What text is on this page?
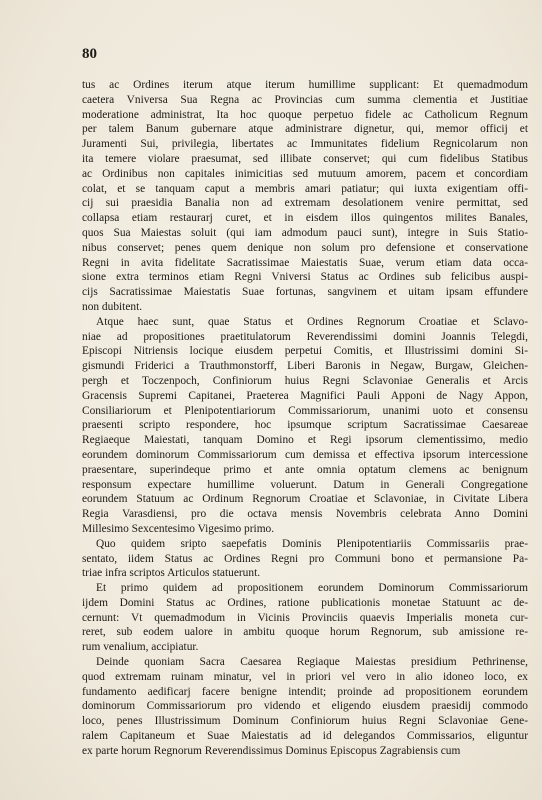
80

tus ac Ordines iterum atque iterum humillime supplicant: Et quemadmodum
caetera Vniversa Sua Regna ac Provincias cum summa clementia et Justitiae
moderatione administrat, Ita hoc quoque perpetuo fidele ac Catholicum Regnum
per talem Banum gubernare atque administrare dignetur, qui, memor officij et
Juramenti Sui, privilegia, libertates ac Immunitates fidelium Regnicolarum non
ita temere violare praesumat, sed illibate conservet; qui cum fidelibus Statibus
ac Ordinibus non capitales inimicitias sed mutuum amorem, pacem et concordiam
colat, et se tanquam caput a membris amari patiatur; qui iuxta exigentiam offi-
cij sui praesidia Banalia non ad extremam desolationem venire permittat, sed
collapsa etiam restaurarj curet, et in eisdem illos quingentos milites Banales,
quos Sua Maiestas soluit (qui iam admodum pauci sunt), integre in Suis Statio-
nibus conservet; penes quem denique non solum pro defensione et conservatione
Regni in avita fidelitate Sacratissimae Maiestatis Suae, verum etiam data occa-
sione extra terminos etiam Regni Vniversi Status ac Ordines sub felicibus auspi-
cijs Sacratissimae Maiestatis Suae fortunas, sangvinem et uitam ipsam effundere
non dubitent.

Atque haec sunt, quae Status et Ordines Regnorum Croatiae et Sclavo-
niae ad propositiones praetitulatorum Reverendissimi domini Joannis Telegdi,
Episcopi Nitriensis locique eiusdem perpetui Comitis, et Illustrissimi domini Si-
gismundi Friderici a Trauthmonstorff, Liberi Baronis in Negaw, Burgaw, Gleichen-
pergh et Toczenpoch, Confiniorum huius Regni Sclavoniae Generalis et Arcis
Gracensis Supremi Capitanei, Praeterea Magnifici Pauli Apponi de Nagy Appon,
Consiliariorum et Plenipotentiariorum Commissariorum, unanimi uoto et consensu
praesenti scripto respondere, hoc ipsumque scriptum Sacratissimae Caesareae
Regiaeque Maiestati, tanquam Domino et Regi ipsorum clementissimo, medio
eorundem dominorum Commissariorum cum demissa et effectiva ipsorum intercessione
praesentare, superindeque primo et ante omnia optatum clemens ac benignum
responsum expectare humillime voluerunt. Datum in Generali Congregatione
eorundem Statuum ac Ordinum Regnorum Croatiae et Sclavoniae, in Civitate Libera
Regia Varasdiensi, pro die octava mensis Novembris celebrata Anno Domini
Millesimo Sexcentesimo Vigesimo primo.

Quo quidem sripto saepefatis Dominis Plenipotentiariis Commissariis prae-
sentato, iidem Status ac Ordines Regni pro Communi bono et permansione Pa-
triae infra scriptos Articulos statuerunt.

Et primo quidem ad propositionem eorundem Dominorum Commissariorum
ijdem Domini Status ac Ordines, ratione publicationis monetae Statuunt ac de-
cernunt: Vt quemadmodum in Vicinis Provinciis quaevis Imperialis moneta cur-
reret, sub eodem ualore in ambitu quoque horum Regnorum, sub amissione re-
rum venalium, accipiatur.

Deinde quoniam Sacra Caesarea Regiaque Maiestas presidium Pethrinense,
quod extremam ruinam minatur, vel in priori vel vero in alio idoneo loco, ex
fundamento aedificarj facere benigne intendit; proinde ad propositionem eorundem
dominorum Commissariorum pro videndo et eligendo eiusdem praesidij commodo
loco, penes Illustrissimum Dominum Confiniorum huius Regni Sclavoniae Gene-
ralem Capitaneum et Suae Maiestatis ad id delegandos Commissarios, eliguntur
ex parte horum Regnorum Reverendissimus Dominus Episcopus Zagrabiensis cum
